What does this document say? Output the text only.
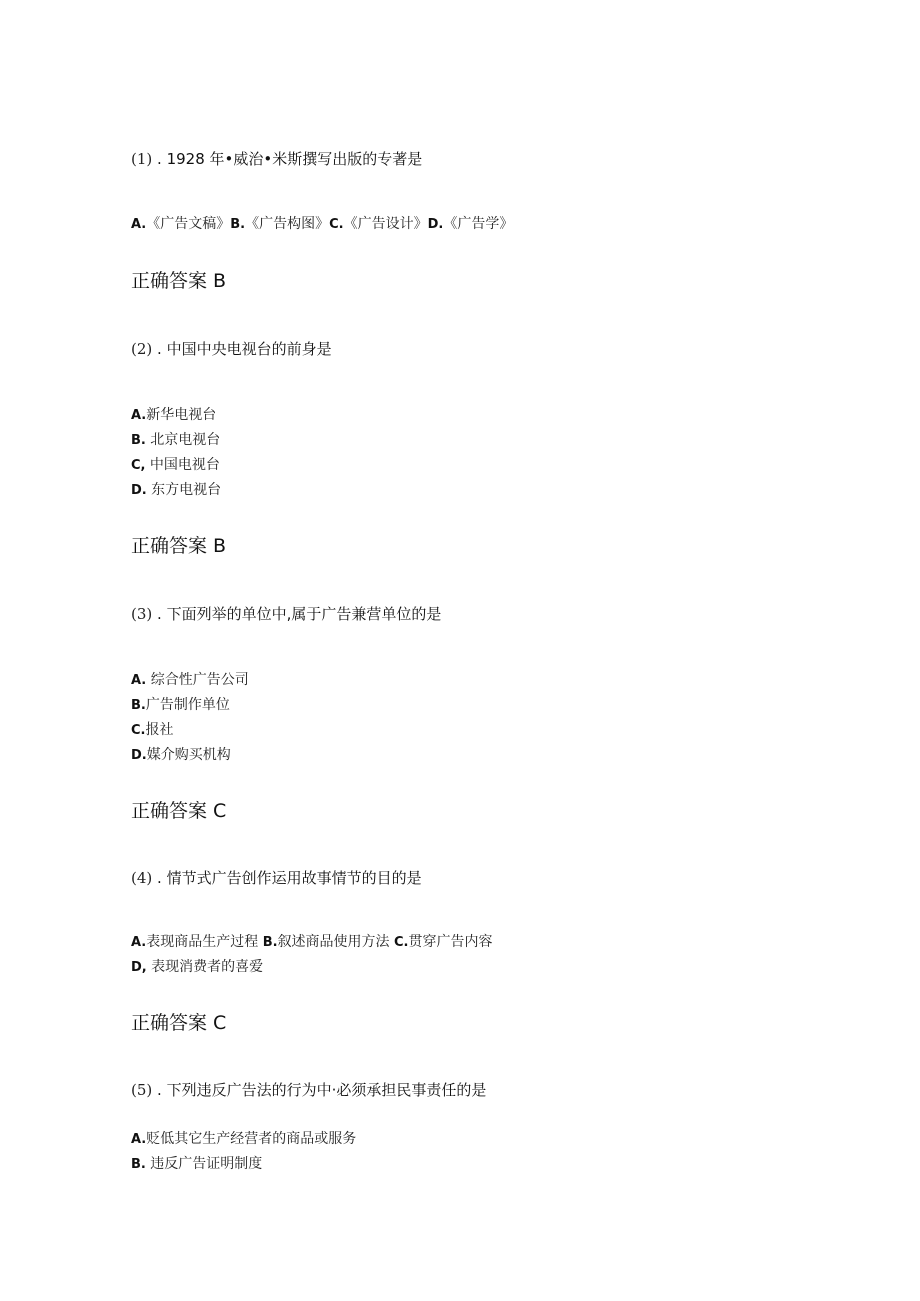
(1) . 1928 年•威治•米斯撰写出版的专著是
A.《广告文稿》B.《广告构图》C.《广告设计》D.《广告学》
正确答案 B
(2) . 中国中央电视台的前身是
A.新华电视台
B. 北京电视台
C, 中国电视台
D. 东方电视台
正确答案 B
(3) . 下面列举的单位中,属于广告兼营单位的是
A. 综合性广告公司
B.广告制作单位
C.报社
D.媒介购买机构
正确答案 C
(4) . 情节式广告创作运用故事情节的目的是
A.表现商品生产过程 B.叙述商品使用方法 C.贯穿广告内容
D, 表现消费者的喜爱
正确答案 C
(5) . 下列违反广告法的行为中·必须承担民事责任的是
A.贬低其它生产经营者的商品或服务
B. 违反广告证明制度
